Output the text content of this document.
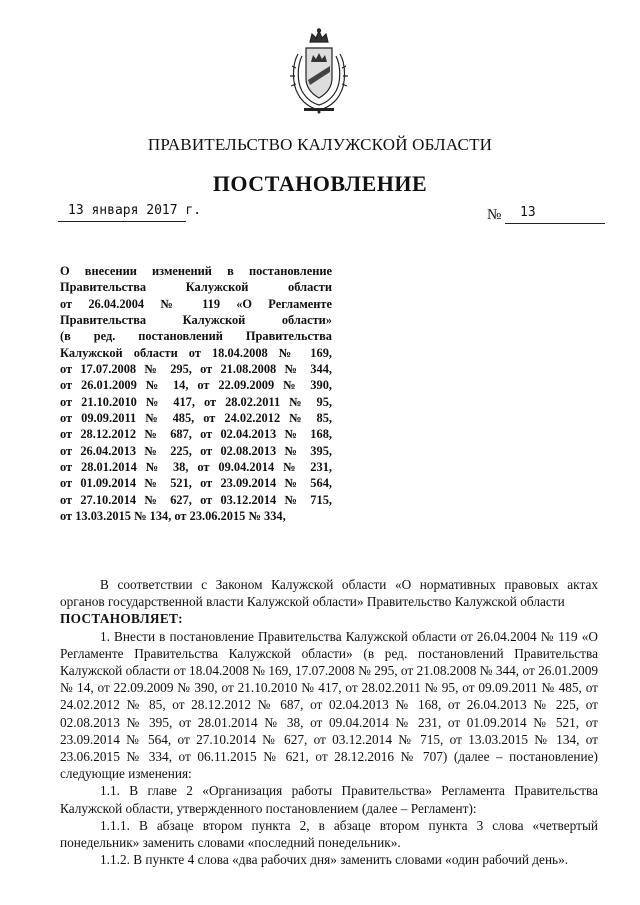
ПРАВИТЕЛЬСТВО КАЛУЖСКОЙ ОБЛАСТИ
ПОСТАНОВЛЕНИЕ
13 января 2017 г.	№ 13
О внесении изменений в постановление
Правительства Калужской области
от 26.04.2004 № 119 «О Регламенте
Правительства Калужской области»
(в ред. постановлений Правительства
Калужской области от 18.04.2008 № 169,
от 17.07.2008 № 295, от 21.08.2008 № 344,
от 26.01.2009 № 14, от 22.09.2009 № 390,
от 21.10.2010 № 417, от 28.02.2011 № 95,
от 09.09.2011 № 485, от 24.02.2012 № 85,
от 28.12.2012 № 687, от 02.04.2013 № 168,
от 26.04.2013 № 225, от 02.08.2013 № 395,
от 28.01.2014 № 38, от 09.04.2014 № 231,
от 01.09.2014 № 521, от 23.09.2014 № 564,
от 27.10.2014 № 627, от 03.12.2014 № 715,
от 13.03.2015 № 134, от 23.06.2015 № 334,

В соответствии с Законом Калужской области «О нормативных правовых актах органов государственной власти Калужской области» Правительство Калужской области

ПОСТАНОВЛЯЕТ:

1. Внести в постановление Правительства Калужской области от 26.04.2004 № 119 «О Регламенте Правительства Калужской области» (в ред. постановлений Правительства Калужской области от 18.04.2008 № 169, 17.07.2008 № 295, от 21.08.2008 № 344, от 26.01.2009 № 14, от 22.09.2009 № 390, от 21.10.2010 № 417, от 28.02.2011 № 95, от 09.09.2011 № 485, от 24.02.2012 № 85, от 28.12.2012 № 687, от 02.04.2013 № 168, от 26.04.2013 № 225, от 02.08.2013 № 395, от 28.01.2014 № 38, от 09.04.2014 № 231, от 01.09.2014 № 521, от 23.09.2014 № 564, от 27.10.2014 № 627, от 03.12.2014 № 715, от 13.03.2015 № 134, от 23.06.2015 № 334, от 06.11.2015 № 621, от 28.12.2016 № 707) (далее – постановление) следующие изменения:

1.1. В главе 2 «Организация работы Правительства» Регламента Правительства Калужской области, утвержденного постановлением (далее – Регламент):

1.1.1. В абзаце втором пункта 2, в абзаце втором пункта 3 слова «четвертый понедельник» заменить словами «последний понедельник».

1.1.2. В пункте 4 слова «два рабочих дня» заменить словами «один рабочий день».
